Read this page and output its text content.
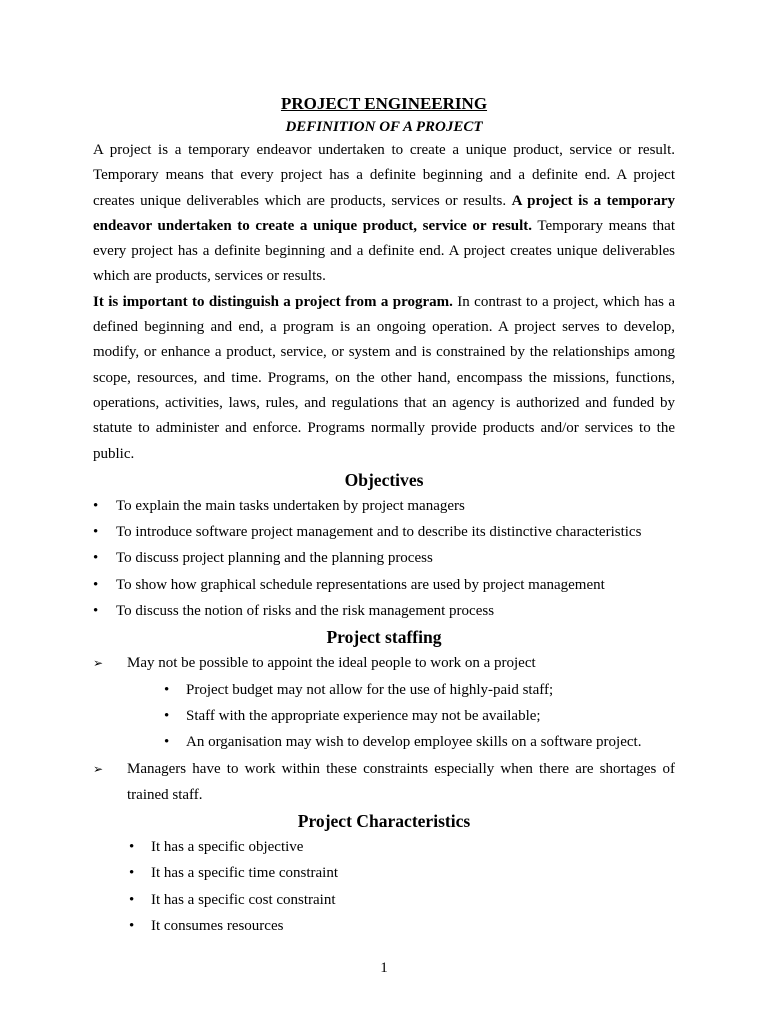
PROJECT ENGINEERING
DEFINITION OF A PROJECT

A project is a temporary endeavor undertaken to create a unique product, service or result. Temporary means that every project has a definite beginning and a definite end. A project creates unique deliverables which are products, services or results. A project is a temporary endeavor undertaken to create a unique product, service or result. Temporary means that every project has a definite beginning and a definite end. A project creates unique deliverables which are products, services or results.

It is important to distinguish a project from a program. In contrast to a project, which has a defined beginning and end, a program is an ongoing operation. A project serves to develop, modify, or enhance a product, service, or system and is constrained by the relationships among scope, resources, and time. Programs, on the other hand, encompass the missions, functions, operations, activities, laws, rules, and regulations that an agency is authorized and funded by statute to administer and enforce. Programs normally provide products and/or services to the public.

Objectives
• To explain the main tasks undertaken by project managers
• To introduce software project management and to describe its distinctive characteristics
• To discuss project planning and the planning process
• To show how graphical schedule representations are used by project management
• To discuss the notion of risks and the risk management process
Project staffing
➢ May not be possible to appoint the ideal people to work on a project
• Project budget may not allow for the use of highly-paid staff;
• Staff with the appropriate experience may not be available;
• An organisation may wish to develop employee skills on a software project.
➢ Managers have to work within these constraints especially when there are shortages of trained staff.
Project Characteristics
• It has a specific objective
• It has a specific time constraint
• It has a specific cost constraint
• It consumes resources
1
